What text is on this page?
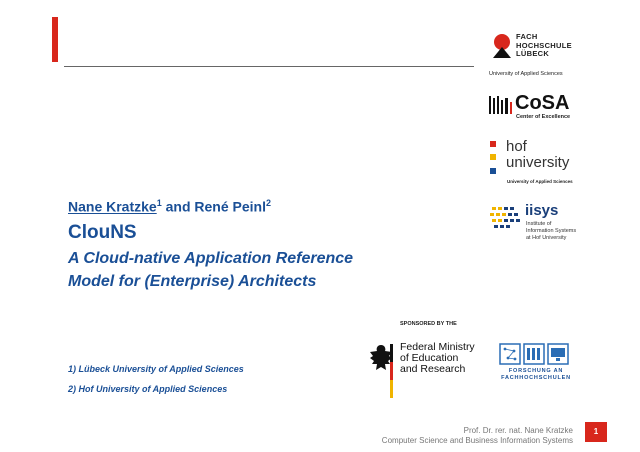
FACH
HOCHSCHULE
LÜBECK
University of Applied Sciences
CoSA
Center of Excellence
hof
university
University of Applied Sciences
iisys
Institute of
Information Systems
at Hof University
Nane Kratzke$^1$ and René Peinl$^2$
ClouNS
A Cloud-native Application Reference
Model for (Enterprise) Architects
SPONSORED BY THE
Federal Ministry
of Education
and Research	FORSCHUNG AN
FACHHOCHSCHULEN
1) Lübeck University of Applied Sciences
2) Hof University of Applied Sciences
Prof. Dr. rer. nat. Nane Kratzke
Computer Science and Business Information Systems
1
